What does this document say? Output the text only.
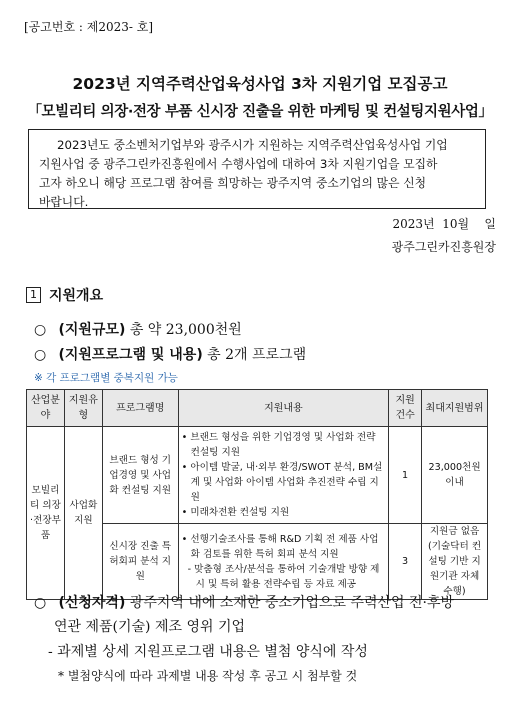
[공고번호 : 제2023- 호]
2023년 지역주력산업육성사업 3차 지원기업 모집공고
「모빌리티 의장·전장 부품 신시장 진출을 위한 마케팅 및 컨설팅지원사업」
2023년도 중소벤처기업부와 광주시가 지원하는 지역주력산업육성사업 기업
지원사업 중 광주그린카진흥원에서 수행사업에 대하여 3차 지원기업을 모집하
고자 하오니 해당 프로그램 참여를 희망하는 광주지역 중소기업의 많은 신청
바랍니다.
2023년  10월    일
광주그린카진흥원장
1 지원개요
○ (지원규모) 총 약 23,000천원
○ (지원프로그램 및 내용) 총 2개 프로그램
※ 각 프로그램별 중복지원 가능
산업분야	지원유형	프로그램명	지원내용	지원건수	최대지원범위
모빌리티 의장·전장부품	사업화지원	브랜드 형성 기업경영 및 사업화 컨설팅 지원	• 브랜드 형성을 위한 기업경영 및 사업화 전략 컨설팅 지원
• 아이템 발굴, 내·외부 환경/SWOT 분석, BM설계 및 사업화 아이템 사업화 추진전략 수립 지원
• 미래차전환 컨설팅 지원	1	23,000천원 이내
		신시장 진출 특허회피 분석 지원	• 선행기술조사를 통해 R&D 기획 전 제품 사업화 검토를 위한 특허 회피 분석 지원
- 맞춤형 조사/분석을 통하여 기술개발 방향 제시 및 특허 활용 전략수립 등 자료 제공	3	지원금 없음 (기술닥터 컨설팅 기반 지원기관 자체 수행)
○ (신청자격) 광주지역 내에 소재한 중소기업으로 주력산업 전·후방
연관 제품(기술) 제조 영위 기업
- 과제별 상세 지원프로그램 내용은 별첨 양식에 작성
* 별첨양식에 따라 과제별 내용 작성 후 공고 시 첨부할 것
